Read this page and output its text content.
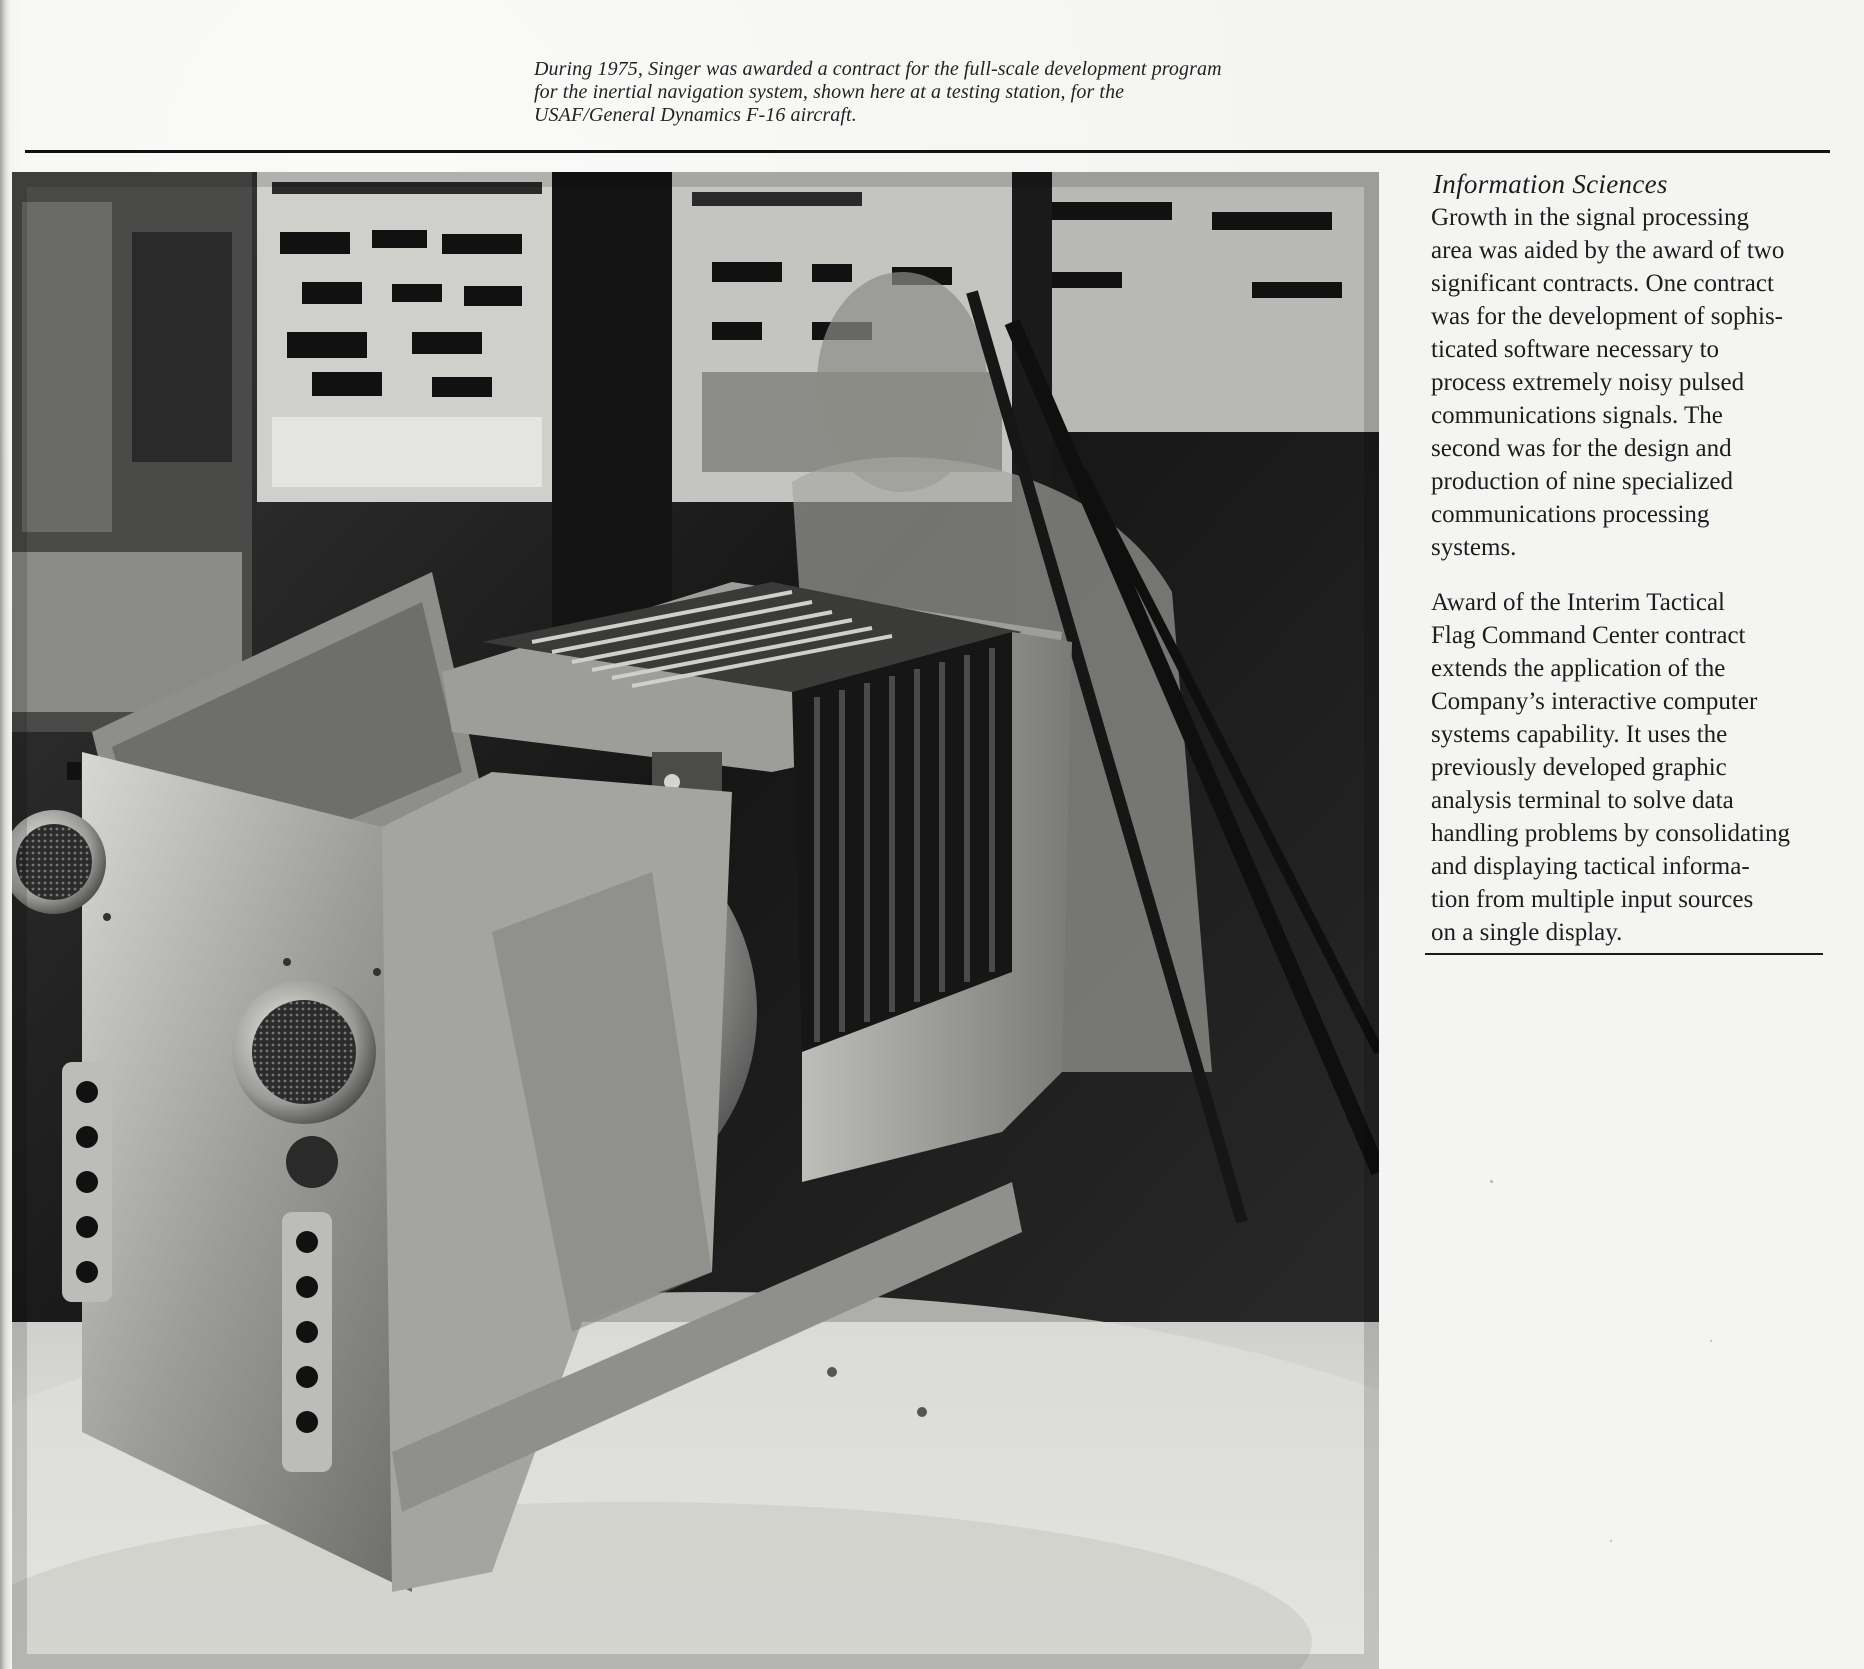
During 1975, Singer was awarded a contract for the full-scale development program
for the inertial navigation system, shown here at a testing station, for the
USAF/General Dynamics F-16 aircraft.
Information Sciences
Growth in the signal processing
area was aided by the award of two
significant contracts. One contract
was for the development of sophis-
ticated software necessary to
process extremely noisy pulsed
communications signals. The
second was for the design and
production of nine specialized
communications processing
systems.
Award of the Interim Tactical
Flag Command Center contract
extends the application of the
Company’s interactive computer
systems capability. It uses the
previously developed graphic
analysis terminal to solve data
handling problems by consolidating
and displaying tactical informa-
tion from multiple input sources
on a single display.
